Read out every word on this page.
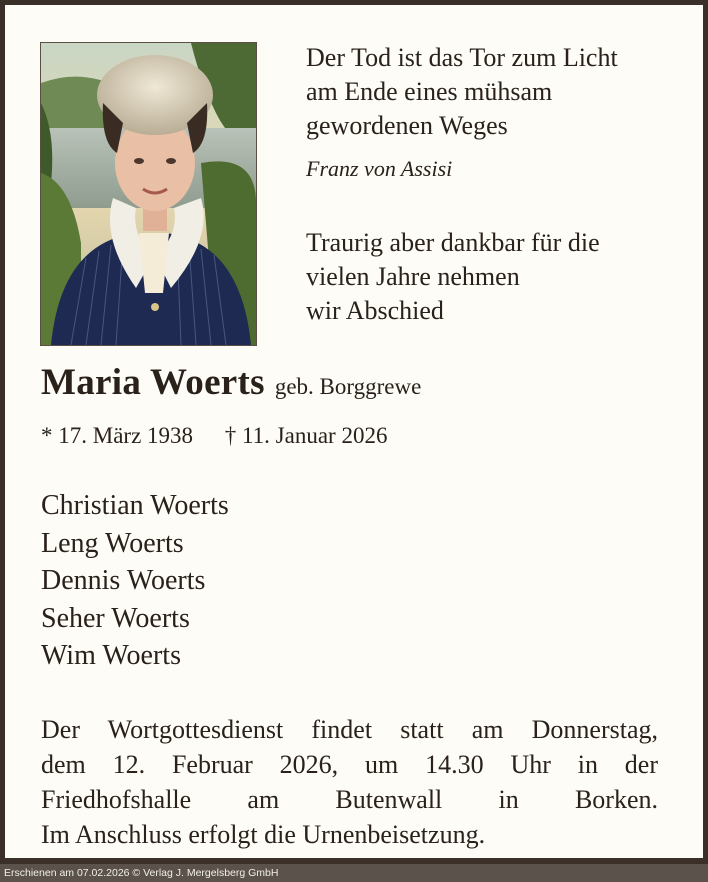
Der Tod ist das Tor zum Licht
am Ende eines mühsam
gewordenen Weges
Franz von Assisi
Traurig aber dankbar für die
vielen Jahre nehmen
wir Abschied
Maria Woerts geb. Borggrewe
* 17. März 1938 † 11. Januar 2026
Christian Woerts
Leng Woerts
Dennis Woerts
Seher Woerts
Wim Woerts
Der Wortgottesdienst findet statt am Donnerstag,
dem 12. Februar 2026, um 14.30 Uhr in der
Friedhofshalle am Butenwall in Borken.
Im Anschluss erfolgt die Urnenbeisetzung.
Erschienen am 07.02.2026 © Verlag J. Mergelsberg GmbH
